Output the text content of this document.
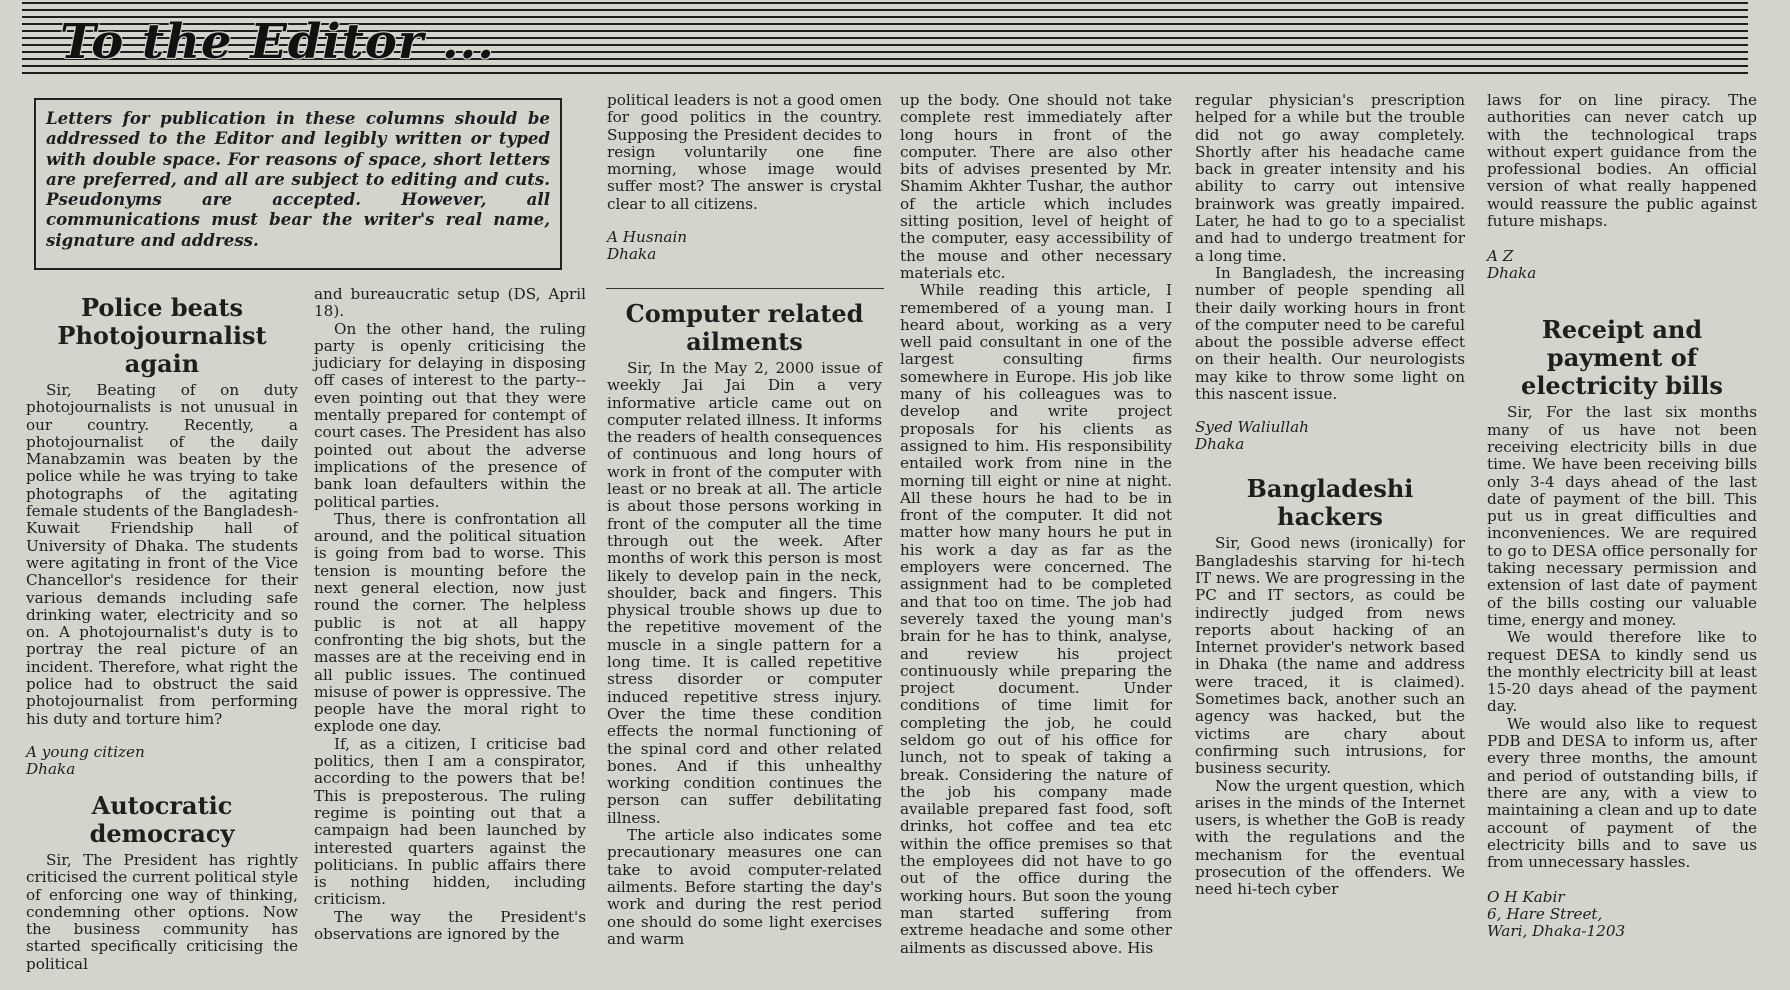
To the Editor ...
Letters for publication in these columns should be addressed to the Editor and legibly written or typed with double space. For reasons of space, short letters are preferred, and all are subject to editing and cuts. Pseudonyms are accepted. However, all communications must bear the writer's real name, signature and address.
Police beats Photojournalist again

Sir, Beating of on duty photojournalists is not unusual in our country. Recently, a photojournalist of the daily Manabzamin was beaten by the police while he was trying to take photographs of the agitating female students of the Bangladesh-Kuwait Friendship hall of University of Dhaka. The students were agitating in front of the Vice Chancellor's residence for their various demands including safe drinking water, electricity and so on. A photojournalist's duty is to portray the real picture of an incident. Therefore, what right the police had to obstruct the said photojournalist from performing his duty and torture him?

A young citizen
Dhaka
Autocratic democracy

Sir, The President has rightly criticised the current political style of enforcing one way of thinking, condemning other options. Now the business community has started specifically criticising the political

and bureaucratic setup (DS, April 18).

On the other hand, the ruling party is openly criticising the judiciary for delaying in disposing off cases of interest to the party--even pointing out that they were mentally prepared for contempt of court cases. The President has also pointed out about the adverse implications of the presence of bank loan defaulters within the political parties.

Thus, there is confrontation all around, and the political situation is going from bad to worse. This tension is mounting before the next general election, now just round the corner. The helpless public is not at all happy confronting the big shots, but the masses are at the receiving end in all public issues. The continued misuse of power is oppressive. The people have the moral right to explode one day.

If, as a citizen, I criticise bad politics, then I am a conspirator, according to the powers that be! This is preposterous. The ruling regime is pointing out that a campaign had been launched by interested quarters against the politicians. In public affairs there is nothing hidden, including criticism.

The way the President's observations are ignored by the

political leaders is not a good omen for good politics in the country. Supposing the President decides to resign voluntarily one fine morning, whose image would suffer most? The answer is crystal clear to all citizens.

A Husnain
Dhaka
Computer related ailments

Sir, In the May 2, 2000 issue of weekly Jai Jai Din a very informative article came out on computer related illness. It informs the readers of health consequences of continuous and long hours of work in front of the computer with least or no break at all. The article is about those persons working in front of the computer all the time through out the week. After months of work this person is most likely to develop pain in the neck, shoulder, back and fingers. This physical trouble shows up due to the repetitive movement of the muscle in a single pattern for a long time. It is called repetitive stress disorder or computer induced repetitive stress injury. Over the time these condition effects the normal functioning of the spinal cord and other related bones. And if this unhealthy working condition continues the person can suffer debilitating illness.

The article also indicates some precautionary measures one can take to avoid computer-related ailments. Before starting the day's work and during the rest period one should do some light exercises and warm

up the body. One should not take complete rest immediately after long hours in front of the computer. There are also other bits of advises presented by Mr. Shamim Akhter Tushar, the author of the article which includes sitting position, level of height of the computer, easy accessibility of the mouse and other necessary materials etc.

While reading this article, I remembered of a young man. I heard about, working as a very well paid consultant in one of the largest consulting firms somewhere in Europe. His job like many of his colleagues was to develop and write project proposals for his clients as assigned to him. His responsibility entailed work from nine in the morning till eight or nine at night. All these hours he had to be in front of the computer. It did not matter how many hours he put in his work a day as far as the employers were concerned. The assignment had to be completed and that too on time. The job had severely taxed the young man's brain for he has to think, analyse, and review his project continuously while preparing the project document. Under conditions of time limit for completing the job, he could seldom go out of his office for lunch, not to speak of taking a break. Considering the nature of the job his company made available prepared fast food, soft drinks, hot coffee and tea etc within the office premises so that the employees did not have to go out of the office during the working hours. But soon the young man started suffering from extreme headache and some other ailments as discussed above. His

regular physician's prescription helped for a while but the trouble did not go away completely. Shortly after his headache came back in greater intensity and his ability to carry out intensive brainwork was greatly impaired. Later, he had to go to a specialist and had to undergo treatment for a long time.

In Bangladesh, the increasing number of people spending all their daily working hours in front of the computer need to be careful about the possible adverse effect on their health. Our neurologists may kike to throw some light on this nascent issue.

Syed Waliullah
Dhaka
Bangladeshi hackers

Sir, Good news (ironically) for Bangladeshis starving for hi-tech IT news. We are progressing in the PC and IT sectors, as could be indirectly judged from news reports about hacking of an Internet provider's network based in Dhaka (the name and address were traced, it is claimed). Sometimes back, another such an agency was hacked, but the victims are chary about confirming such intrusions, for business security.

Now the urgent question, which arises in the minds of the Internet users, is whether the GoB is ready with the regulations and the mechanism for the eventual prosecution of the offenders. We need hi-tech cyber

laws for on line piracy. The authorities can never catch up with the technological traps without expert guidance from the professional bodies. An official version of what really happened would reassure the public against future mishaps.

A Z
Dhaka
Receipt and payment of electricity bills

Sir, For the last six months many of us have not been receiving electricity bills in due time. We have been receiving bills only 3-4 days ahead of the last date of payment of the bill. This put us in great difficulties and inconveniences. We are required to go to DESA office personally for taking necessary permission and extension of last date of payment of the bills costing our valuable time, energy and money.

We would therefore like to request DESA to kindly send us the monthly electricity bill at least 15-20 days ahead of the payment day.

We would also like to request PDB and DESA to inform us, after every three months, the amount and period of outstanding bills, if there are any, with a view to maintaining a clean and up to date account of payment of the electricity bills and to save us from unnecessary hassles.

O H Kabir
6, Hare Street,
Wari, Dhaka-1203
